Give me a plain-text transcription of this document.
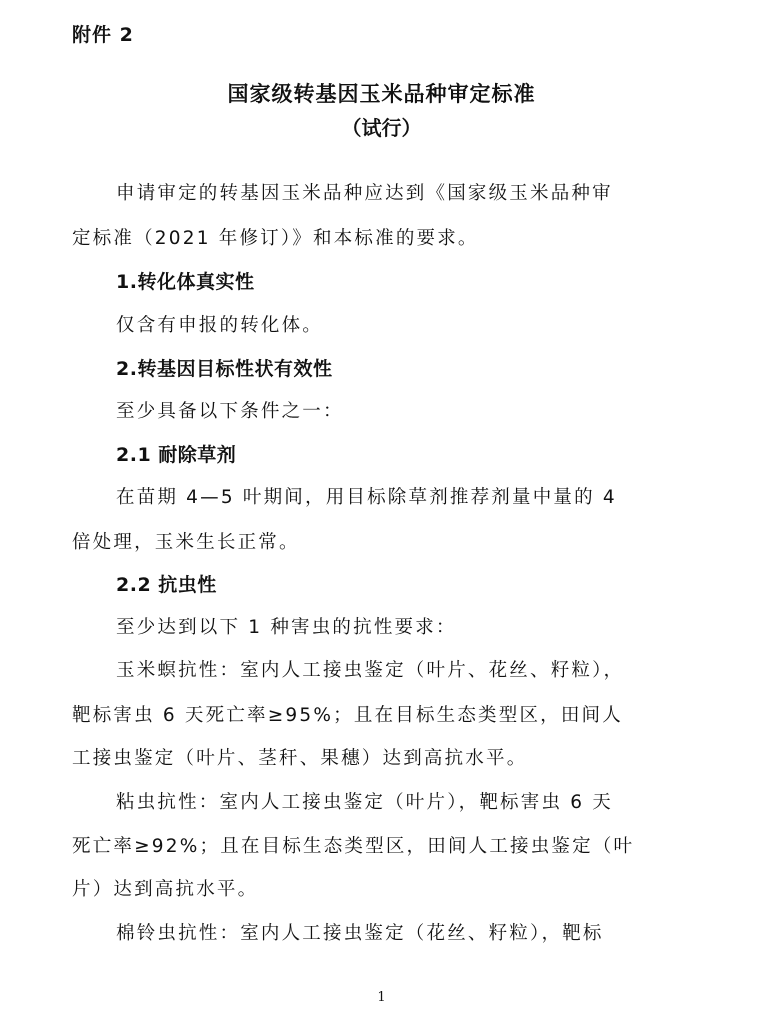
附件 2
国家级转基因玉米品种审定标准
（试行）
申请审定的转基因玉米品种应达到《国家级玉米品种审
定标准（2021 年修订）》和本标准的要求。
1.转化体真实性
仅含有申报的转化体。
2.转基因目标性状有效性
至少具备以下条件之一：
2.1 耐除草剂
在苗期 4—5 叶期间，用目标除草剂推荐剂量中量的 4
倍处理，玉米生长正常。
2.2 抗虫性
至少达到以下 1 种害虫的抗性要求：
玉米螟抗性：室内人工接虫鉴定（叶片、花丝、籽粒），
靶标害虫 6 天死亡率≥95%；且在目标生态类型区，田间人
工接虫鉴定（叶片、茎秆、果穗）达到高抗水平。
粘虫抗性：室内人工接虫鉴定（叶片），靶标害虫 6 天
死亡率≥92%；且在目标生态类型区，田间人工接虫鉴定（叶
片）达到高抗水平。
棉铃虫抗性：室内人工接虫鉴定（花丝、籽粒），靶标
1
